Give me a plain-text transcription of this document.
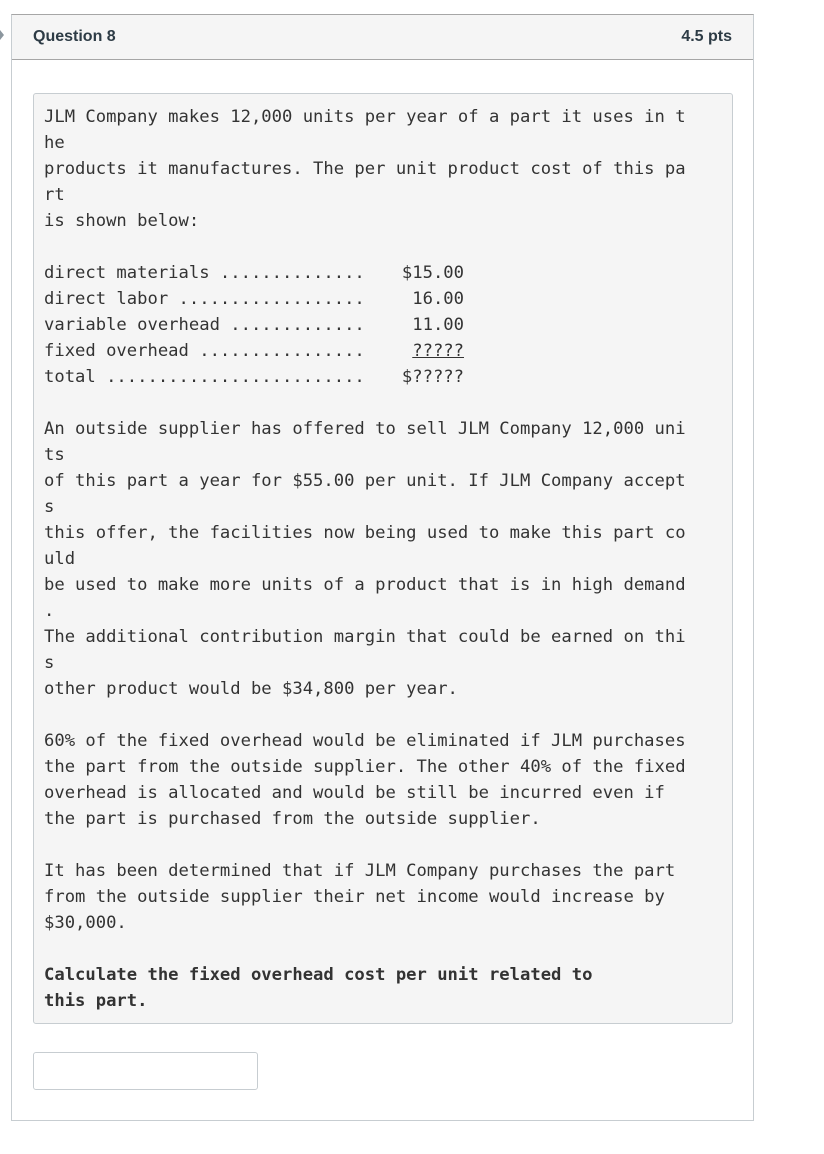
Question 8	4.5 pts
JLM Company makes 12,000 units per year of a part it uses in t
he
products it manufactures. The per unit product cost of this pa
rt
is shown below:
direct materials ..............	$15.00
direct labor ..................	16.00
variable overhead .............	11.00
fixed overhead ................	?????
total .........................	$?????
An outside supplier has offered to sell JLM Company 12,000 uni
ts
of this part a year for $55.00 per unit. If JLM Company accept
s
this offer, the facilities now being used to make this part co
uld
be used to make more units of a product that is in high demand
.
The additional contribution margin that could be earned on thi
s
other product would be $34,800 per year.
60% of the fixed overhead would be eliminated if JLM purchases
the part from the outside supplier. The other 40% of the fixed
overhead is allocated and would be still be incurred even if
the part is purchased from the outside supplier.
It has been determined that if JLM Company purchases the part
from the outside supplier their net income would increase by
$30,000.
Calculate the fixed overhead cost per unit related to
this part.
